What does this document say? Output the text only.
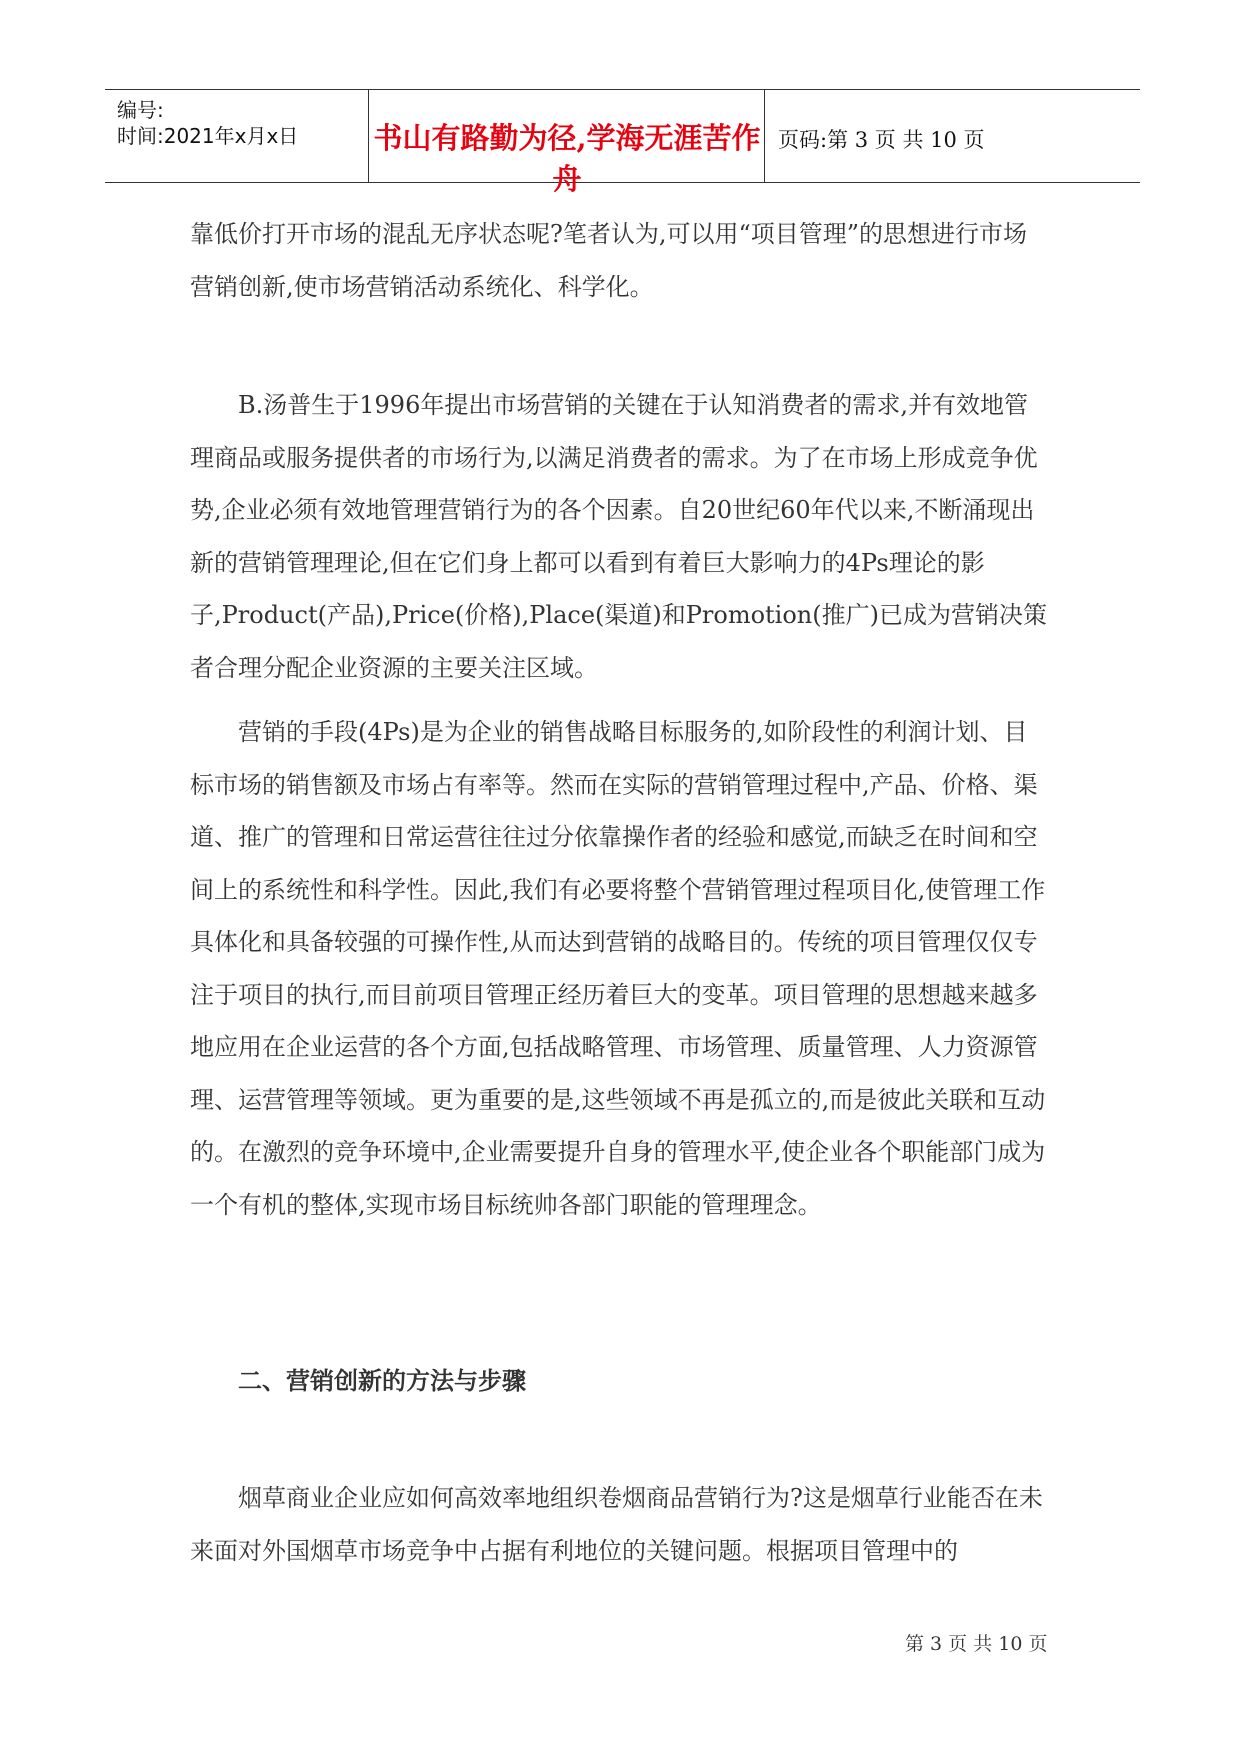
编号:
时间:2021年x月x日	书山有路勤为径,学海无涯苦作舟
页码:第 3 页 共 10 页

靠低价打开市场的混乱无序状态呢?笔者认为,可以用“项目管理”的思想进行市场营销创新,使市场营销活动系统化、科学化。

B.汤普生于1996年提出市场营销的关键在于认知消费者的需求,并有效地管理商品或服务提供者的市场行为,以满足消费者的需求。为了在市场上形成竞争优势,企业必须有效地管理营销行为的各个因素。自20世纪60年代以来,不断涌现出新的营销管理理论,但在它们身上都可以看到有着巨大影响力的4Ps理论的影子,Product(产品),Price(价格),Place(渠道)和Promotion(推广)已成为营销决策者合理分配企业资源的主要关注区域。

营销的手段(4Ps)是为企业的销售战略目标服务的,如阶段性的利润计划、目标市场的销售额及市场占有率等。然而在实际的营销管理过程中,产品、价格、渠道、推广的管理和日常运营往往过分依靠操作者的经验和感觉,而缺乏在时间和空间上的系统性和科学性。因此,我们有必要将整个营销管理过程项目化,使管理工作具体化和具备较强的可操作性,从而达到营销的战略目的。传统的项目管理仅仅专注于项目的执行,而目前项目管理正经历着巨大的变革。项目管理的思想越来越多地应用在企业运营的各个方面,包括战略管理、市场管理、质量管理、人力资源管理、运营管理等领域。更为重要的是,这些领域不再是孤立的,而是彼此关联和互动的。在激烈的竞争环境中,企业需要提升自身的管理水平,使企业各个职能部门成为一个有机的整体,实现市场目标统帅各部门职能的管理理念。

二、营销创新的方法与步骤

烟草商业企业应如何高效率地组织卷烟商品营销行为?这是烟草行业能否在未来面对外国烟草市场竞争中占据有利地位的关键问题。根据项目管理中的

第 3 页 共 10 页
